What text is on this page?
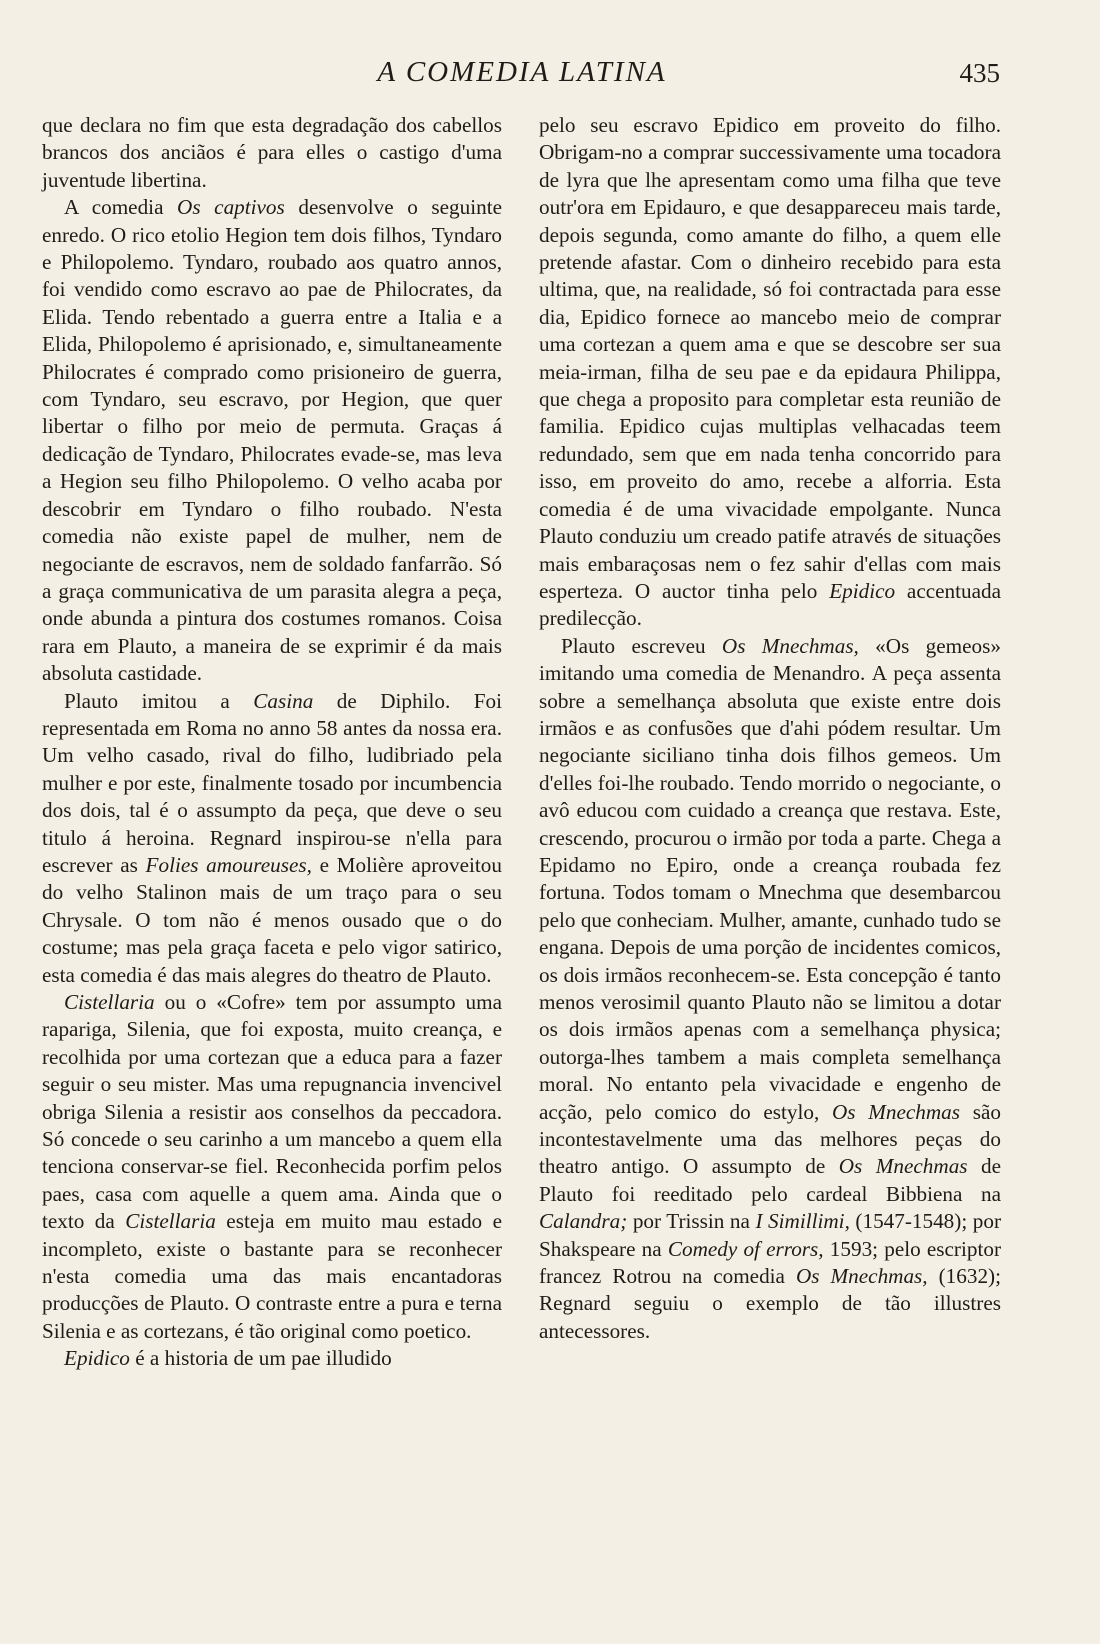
A COMEDIA LATINA	435

que declara no fim que esta degradação dos cabellos brancos dos anciãos é para elles o castigo d'uma juventude libertina.

A comedia Os captivos desenvolve o seguinte enredo. O rico etolio Hegion tem dois filhos, Tyndaro e Philopolemo. Tyndaro, roubado aos quatro annos, foi vendido como escravo ao pae de Philocrates, da Elida. Tendo rebentado a guerra entre a Italia e a Elida, Philopolemo é aprisionado, e, simultaneamente Philocrates é comprado como prisioneiro de guerra, com Tyndaro, seu escravo, por Hegion, que quer libertar o filho por meio de permuta. Graças á dedicação de Tyndaro, Philocrates evade-se, mas leva a Hegion seu filho Philopolemo. O velho acaba por descobrir em Tyndaro o filho roubado. N'esta comedia não existe papel de mulher, nem de negociante de escravos, nem de soldado fanfarrão. Só a graça communicativa de um parasita alegra a peça, onde abunda a pintura dos costumes romanos. Coisa rara em Plauto, a maneira de se exprimir é da mais absoluta castidade.

Plauto imitou a Casina de Diphilo. Foi representada em Roma no anno 58 antes da nossa era. Um velho casado, rival do filho, ludibriado pela mulher e por este, finalmente tosado por incumbencia dos dois, tal é o assumpto da peça, que deve o seu titulo á heroina. Regnard inspirou-se n'ella para escrever as Folies amoureuses, e Molière aproveitou do velho Stalinon mais de um traço para o seu Chrysale. O tom não é menos ousado que o do costume; mas pela graça faceta e pelo vigor satirico, esta comedia é das mais alegres do theatro de Plauto.

Cistellaria ou o «Cofre» tem por assumpto uma rapariga, Silenia, que foi exposta, muito creança, e recolhida por uma cortezan que a educa para a fazer seguir o seu mister. Mas uma repugnancia invencivel obriga Silenia a resistir aos conselhos da peccadora. Só concede o seu carinho a um mancebo a quem ella tenciona conservar-se fiel. Reconhecida porfim pelos paes, casa com aquelle a quem ama. Ainda que o texto da Cistellaria esteja em muito mau estado e incompleto, existe o bastante para se reconhecer n'esta comedia uma das mais encantadoras producções de Plauto. O contraste entre a pura e terna Silenia e as cortezans, é tão original como poetico.

Epidico é a historia de um pae illudido

pelo seu escravo Epidico em proveito do filho. Obrigam-no a comprar successivamente uma tocadora de lyra que lhe apresentam como uma filha que teve outr'ora em Epidauro, e que desappareceu mais tarde, depois segunda, como amante do filho, a quem elle pretende afastar. Com o dinheiro recebido para esta ultima, que, na realidade, só foi contractada para esse dia, Epidico fornece ao mancebo meio de comprar uma cortezan a quem ama e que se descobre ser sua meia-irman, filha de seu pae e da epidaura Philippa, que chega a proposito para completar esta reunião de familia. Epidico cujas multiplas velhacadas teem redundado, sem que em nada tenha concorrido para isso, em proveito do amo, recebe a alforria. Esta comedia é de uma vivacidade empolgante. Nunca Plauto conduziu um creado patife através de situações mais embaraçosas nem o fez sahir d'ellas com mais esperteza. O auctor tinha pelo Epidico accentuada predilecção.

Plauto escreveu Os Mnechmas, «Os gemeos» imitando uma comedia de Menandro. A peça assenta sobre a semelhança absoluta que existe entre dois irmãos e as confusões que d'ahi pódem resultar. Um negociante siciliano tinha dois filhos gemeos. Um d'elles foi-lhe roubado. Tendo morrido o negociante, o avô educou com cuidado a creança que restava. Este, crescendo, procurou o irmão por toda a parte. Chega a Epidamo no Epiro, onde a creança roubada fez fortuna. Todos tomam o Mnechma que desembarcou pelo que conheciam. Mulher, amante, cunhado tudo se engana. Depois de uma porção de incidentes comicos, os dois irmãos reconhecem-se. Esta concepção é tanto menos verosimil quanto Plauto não se limitou a dotar os dois irmãos apenas com a semelhança physica; outorga-lhes tambem a mais completa semelhança moral. No entanto pela vivacidade e engenho de acção, pelo comico do estylo, Os Mnechmas são incontestavelmente uma das melhores peças do theatro antigo. O assumpto de Os Mnechmas de Plauto foi reeditado pelo cardeal Bibbiena na Calandra; por Trissin na I Simillimi, (1547-1548); por Shakspeare na Comedy of errors, 1593; pelo escriptor francez Rotrou na comedia Os Mnechmas, (1632); Regnard seguiu o exemplo de tão illustres antecessores.
